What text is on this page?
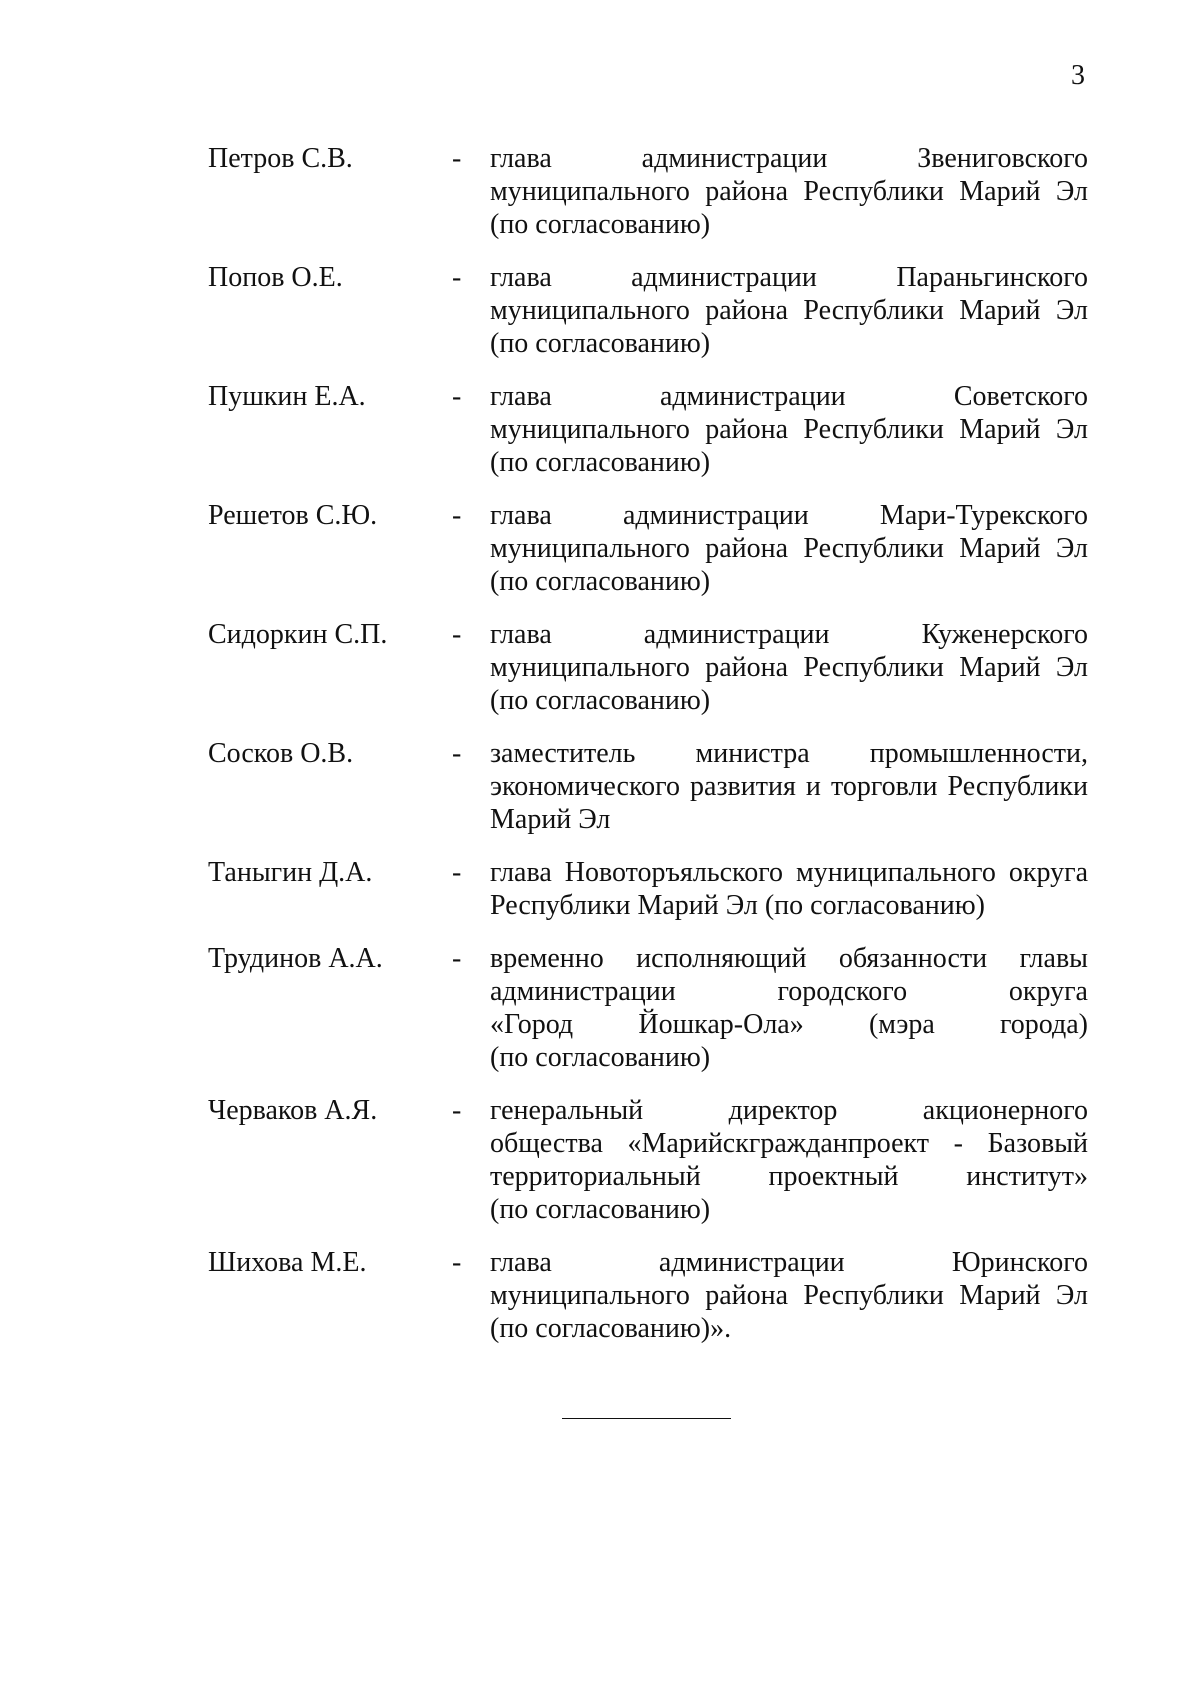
3
Петров С.В.	-	глава администрации Звениговского
муниципального района Республики Марий Эл
(по согласованию)
Попов О.Е.	-	глава администрации Параньгинского
муниципального района Республики Марий Эл
(по согласованию)
Пушкин Е.А.	-	глава администрации Советского
муниципального района Республики Марий Эл
(по согласованию)
Решетов С.Ю.	-	глава администрации Мари-Турекского
муниципального района Республики Марий Эл
(по согласованию)
Сидоркин С.П.	-	глава администрации Куженерского
муниципального района Республики Марий Эл
(по согласованию)
Сосков О.В.	-	заместитель министра промышленности,
экономического развития и торговли Республики
Марий Эл
Таныгин Д.А.	-	глава Новоторъяльского муниципального округа
Республики Марий Эл (по согласованию)
Трудинов А.А.	-	временно исполняющий обязанности главы
администрации городского округа
«Город Йошкар-Ола» (мэра города)
(по согласованию)
Черваков А.Я.	-	генеральный директор акционерного
общества «Марийскгражданпроект - Базовый
территориальный проектный институт»
(по согласованию)
Шихова М.Е.	-	глава администрации Юринского
муниципального района Республики Марий Эл
(по согласованию)».
